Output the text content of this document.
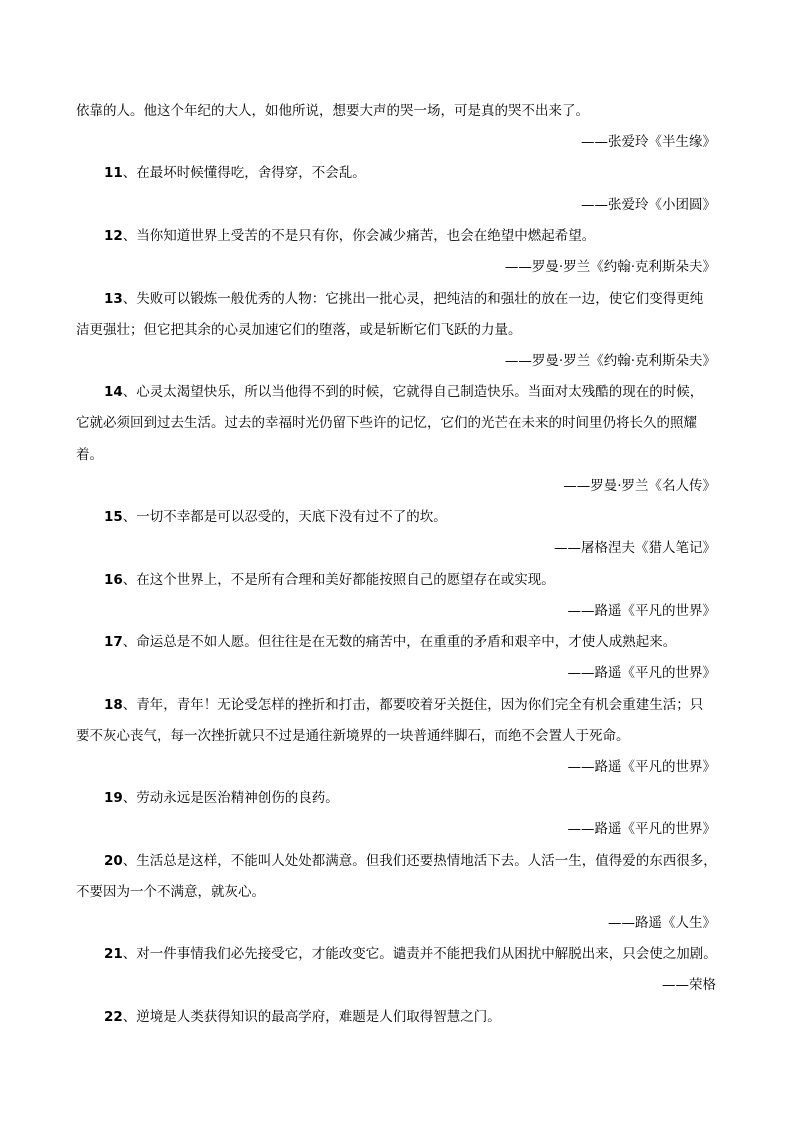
依靠的人。他这个年纪的大人，如他所说，想要大声的哭一场，可是真的哭不出来了。
——张爱玲《半生缘》
11、在最坏时候懂得吃，舍得穿，不会乱。
——张爱玲《小团圆》
12、当你知道世界上受苦的不是只有你，你会减少痛苦，也会在绝望中燃起希望。
——罗曼·罗兰《约翰·克利斯朵夫》
13、失败可以锻炼一般优秀的人物：它挑出一批心灵，把纯洁的和强壮的放在一边，使它们变得更纯
洁更强壮；但它把其余的心灵加速它们的堕落，或是斩断它们飞跃的力量。
——罗曼·罗兰《约翰·克利斯朵夫》
14、心灵太渴望快乐，所以当他得不到的时候，它就得自己制造快乐。当面对太残酷的现在的时候，
它就必须回到过去生活。过去的幸福时光仍留下些许的记忆，它们的光芒在未来的时间里仍将长久的照耀
着。
——罗曼·罗兰《名人传》
15、一切不幸都是可以忍受的，天底下没有过不了的坎。
——屠格涅夫《猎人笔记》
16、在这个世界上，不是所有合理和美好都能按照自己的愿望存在或实现。
——路遥《平凡的世界》
17、命运总是不如人愿。但往往是在无数的痛苦中，在重重的矛盾和艰辛中，才使人成熟起来。
——路遥《平凡的世界》
18、青年，青年！无论受怎样的挫折和打击，都要咬着牙关挺住，因为你们完全有机会重建生活；只
要不灰心丧气，每一次挫折就只不过是通往新境界的一块普通绊脚石，而绝不会置人于死命。
——路遥《平凡的世界》
19、劳动永远是医治精神创伤的良药。
——路遥《平凡的世界》
20、生活总是这样，不能叫人处处都满意。但我们还要热情地活下去。人活一生，值得爱的东西很多，
不要因为一个不满意，就灰心。
——路遥《人生》
21、对一件事情我们必先接受它，才能改变它。谴责并不能把我们从困扰中解脱出来，只会使之加剧。
——荣格
22、逆境是人类获得知识的最高学府，难题是人们取得智慧之门。
